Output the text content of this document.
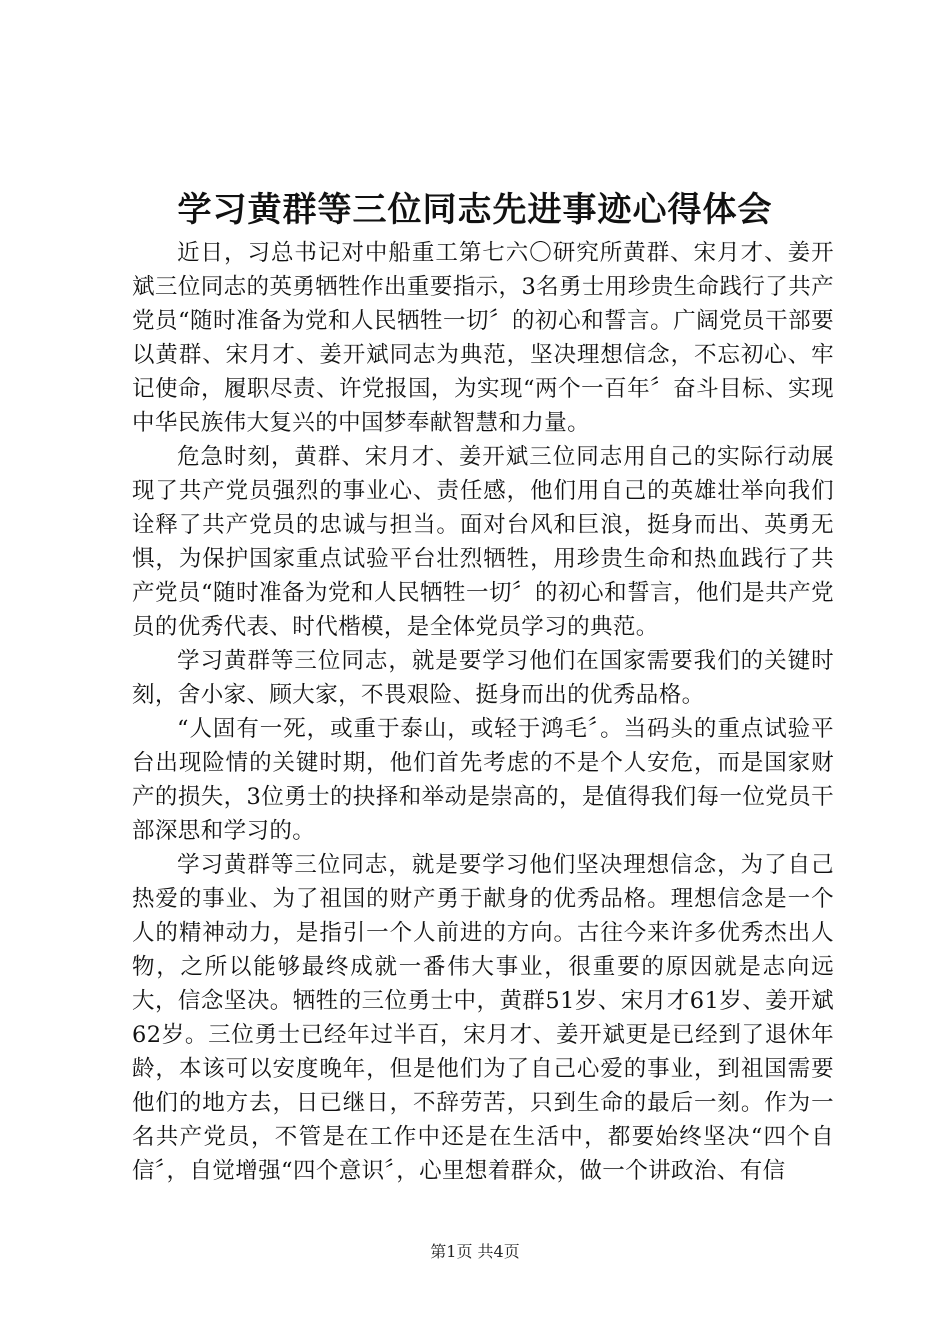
学习黄群等三位同志先进事迹心得体会

近日，习总书记对中船重工第七六〇研究所黄群、宋月才、姜开斌三位同志的英勇牺牲作出重要指示，3名勇士用珍贵生命践行了共产党员“随时准备为党和人民牺牲一切〞的初心和誓言。广阔党员干部要以黄群、宋月才、姜开斌同志为典范，坚决理想信念，不忘初心、牢记使命，履职尽责、许党报国，为实现“两个一百年〞奋斗目标、实现中华民族伟大复兴的中国梦奉献智慧和力量。

危急时刻，黄群、宋月才、姜开斌三位同志用自己的实际行动展现了共产党员强烈的事业心、责任感，他们用自己的英雄壮举向我们诠释了共产党员的忠诚与担当。面对台风和巨浪，挺身而出、英勇无惧，为保护国家重点试验平台壮烈牺牲，用珍贵生命和热血践行了共产党员“随时准备为党和人民牺牲一切〞的初心和誓言，他们是共产党员的优秀代表、时代楷模，是全体党员学习的典范。

学习黄群等三位同志，就是要学习他们在国家需要我们的关键时刻，舍小家、顾大家，不畏艰险、挺身而出的优秀品格。

“人固有一死，或重于泰山，或轻于鸿毛〞。当码头的重点试验平台出现险情的关键时期，他们首先考虑的不是个人安危，而是国家财产的损失，3位勇士的抉择和举动是崇高的，是值得我们每一位党员干部深思和学习的。

学习黄群等三位同志，就是要学习他们坚决理想信念，为了自己热爱的事业、为了祖国的财产勇于献身的优秀品格。理想信念是一个人的精神动力，是指引一个人前进的方向。古往今来许多优秀杰出人物，之所以能够最终成就一番伟大事业，很重要的原因就是志向远大，信念坚决。牺牲的三位勇士中，黄群51岁、宋月才61岁、姜开斌62岁。三位勇士已经年过半百，宋月才、姜开斌更是已经到了退休年龄，本该可以安度晚年，但是他们为了自己心爱的事业，到祖国需要他们的地方去，日已继日，不辞劳苦，只到生命的最后一刻。作为一名共产党员，不管是在工作中还是在生活中，都要始终坚决“四个自信〞，自觉增强“四个意识〞，心里想着群众，做一个讲政治、有信

第1页 共4页
